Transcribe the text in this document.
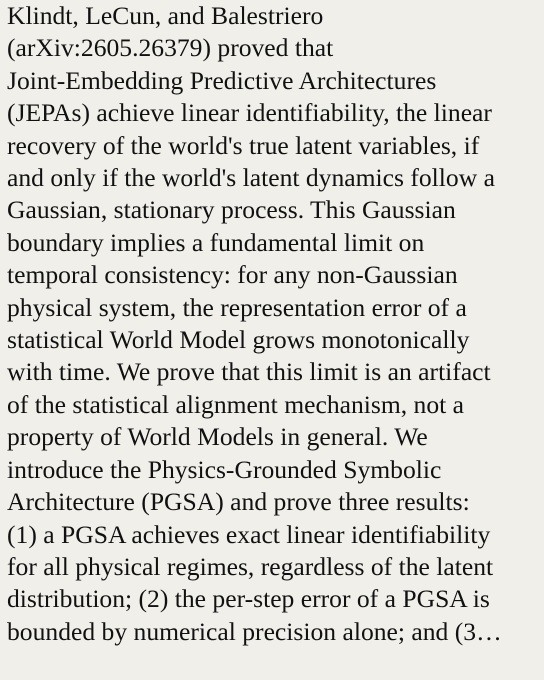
Klindt, LeCun, and Balestriero
(arXiv:2605.26379) proved that
Joint-Embedding Predictive Architectures
(JEPAs) achieve linear identifiability, the linear
recovery of the world's true latent variables, if
and only if the world's latent dynamics follow a
Gaussian, stationary process. This Gaussian
boundary implies a fundamental limit on
temporal consistency: for any non-Gaussian
physical system, the representation error of a
statistical World Model grows monotonically
with time. We prove that this limit is an artifact
of the statistical alignment mechanism, not a
property of World Models in general. We
introduce the Physics-Grounded Symbolic
Architecture (PGSA) and prove three results:
(1) a PGSA achieves exact linear identifiability
for all physical regimes, regardless of the latent
distribution; (2) the per-step error of a PGSA is
bounded by numerical precision alone; and (3…
